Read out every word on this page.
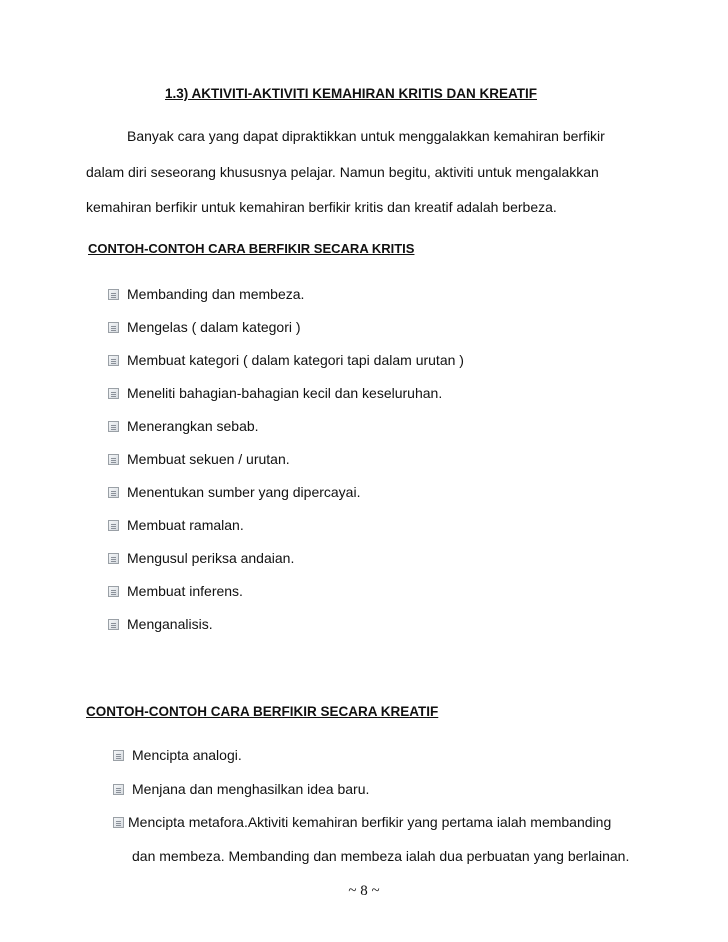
1.3) AKTIVITI-AKTIVITI KEMAHIRAN KRITIS DAN KREATIF
Banyak cara yang dapat dipraktikkan untuk menggalakkan kemahiran berfikir
dalam diri seseorang khususnya pelajar. Namun begitu, aktiviti untuk mengalakkan
kemahiran berfikir untuk kemahiran berfikir kritis dan kreatif adalah berbeza.
CONTOH-CONTOH CARA BERFIKIR SECARA KRITIS
Membanding dan membeza.
Mengelas ( dalam kategori )
Membuat kategori ( dalam kategori tapi dalam urutan )
Meneliti bahagian-bahagian kecil dan keseluruhan.
Menerangkan sebab.
Membuat sekuen / urutan.
Menentukan sumber yang dipercayai.
Membuat ramalan.
Mengusul periksa andaian.
Membuat inferens.
Menganalisis.
CONTOH-CONTOH CARA BERFIKIR SECARA KREATIF
Mencipta analogi.
Menjana dan menghasilkan idea baru.
Mencipta metafora.Aktiviti kemahiran berfikir yang pertama ialah membanding
dan membeza. Membanding dan membeza ialah dua perbuatan yang berlainan.
~ 8 ~
